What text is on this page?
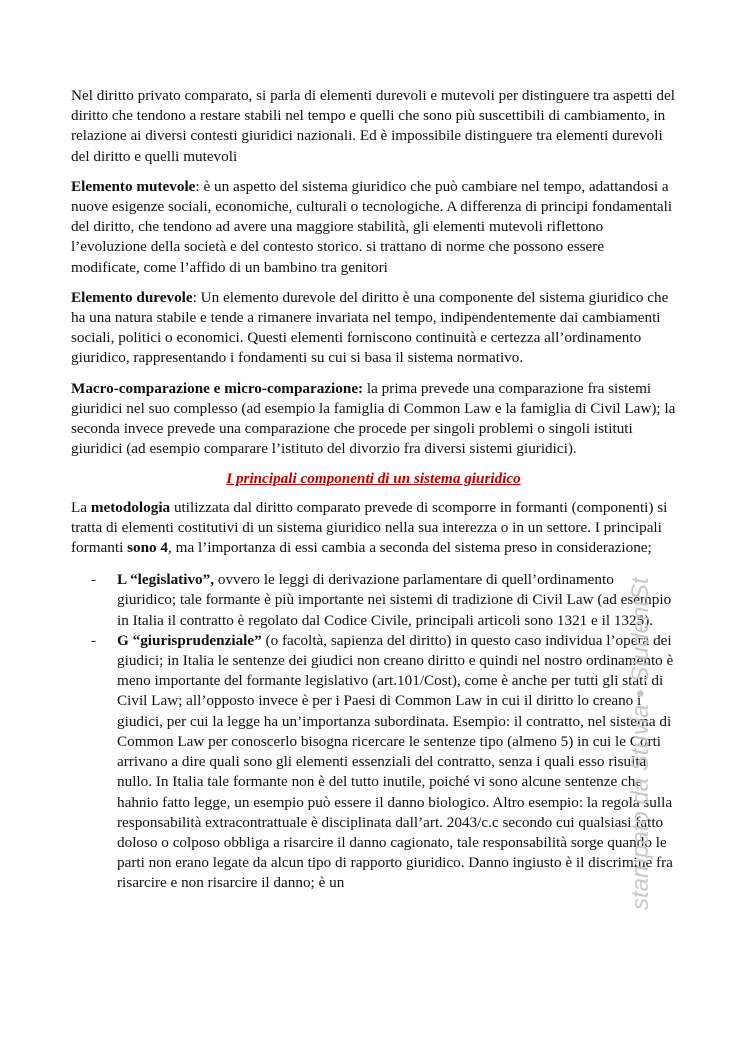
Nel diritto privato comparato, si parla di elementi durevoli e mutevoli per distinguere tra aspetti del diritto che tendono a restare stabili nel tempo e quelli che sono più suscettibili di cambiamento, in relazione ai diversi contesti giuridici nazionali. Ed è impossibile distinguere tra elementi durevoli del diritto e quelli mutevoli

Elemento mutevole: è un aspetto del sistema giuridico che può cambiare nel tempo, adattandosi a nuove esigenze sociali, economiche, culturali o tecnologiche. A differenza di principi fondamentali del diritto, che tendono ad avere una maggiore stabilità, gli elementi mutevoli riflettono l’evoluzione della società e del contesto storico. si trattano di norme che possono essere modificate, come l’affido di un bambino tra genitori

Elemento durevole: Un elemento durevole del diritto è una componente del sistema giuridico che ha una natura stabile e tende a rimanere invariata nel tempo, indipendentemente dai cambiamenti sociali, politici o economici. Questi elementi forniscono continuità e certezza all’ordinamento giuridico, rappresentando i fondamenti su cui si basa il sistema normativo.

Macro-comparazione e micro-comparazione: la prima prevede una comparazione fra sistemi giuridici nel suo complesso (ad esempio la famiglia di Common Law e la famiglia di Civil Law); la seconda invece prevede una comparazione che procede per singoli problemi o singoli istituti giuridici (ad esempio comparare l’istituto del divorzio fra diversi sistemi giuridici).

I principali componenti di un sistema giuridico

La metodologia utilizzata dal diritto comparato prevede di scomporre in formanti (componenti) si tratta di elementi costitutivi di un sistema giuridico nella sua interezza o in un settore. I principali formanti sono 4, ma l’importanza di essi cambia a seconda del sistema preso in considerazione;

- L “legislativo”, ovvero le leggi di derivazione parlamentare di quell’ordinamento giuridico; tale formante è più importante nei sistemi di tradizione di Civil Law (ad esempio in Italia il contratto è regolato dal Codice Civile, principali articoli sono 1321 e il 1325).
- G “giurisprudenziale” (o facoltà, sapienza del diritto) in questo caso individua l’opera dei giudici; in Italia le sentenze dei giudici non creano diritto e quindi nel nostro ordinamento è meno importante del formante legislativo (art.101/Cost), come è anche per tutti gli stati di Civil Law; all’opposto invece è per i Paesi di Common Law in cui il diritto lo creano i giudici, per cui la legge ha un’importanza subordinata. Esempio: il contratto, nel sistema di Common Law per conoscerlo bisogna ricercare le sentenze tipo (almeno 5) in cui le Corti arrivano a dire quali sono gli elementi essenziali del contratto, senza i quali esso risulta nullo. In Italia tale formante non è del tutto inutile, poiché vi sono alcune sentenze che hahnio fatto legge, un esempio può essere il danno biologico. Altro esempio: la regola sulla responsabilità extracontrattuale è disciplinata dall’art. 2043/c.c secondo cui qualsiasi fatto doloso o colposo obbliga a risarcire il danno cagionato, tale responsabilità sorge quando le parti non erano legate da alcun tipo di rapporto giuridico. Danno ingiusto è il discrimine fra risarcire e non risarcire il danno; è un	stampato da Stuvia • StudentSt
